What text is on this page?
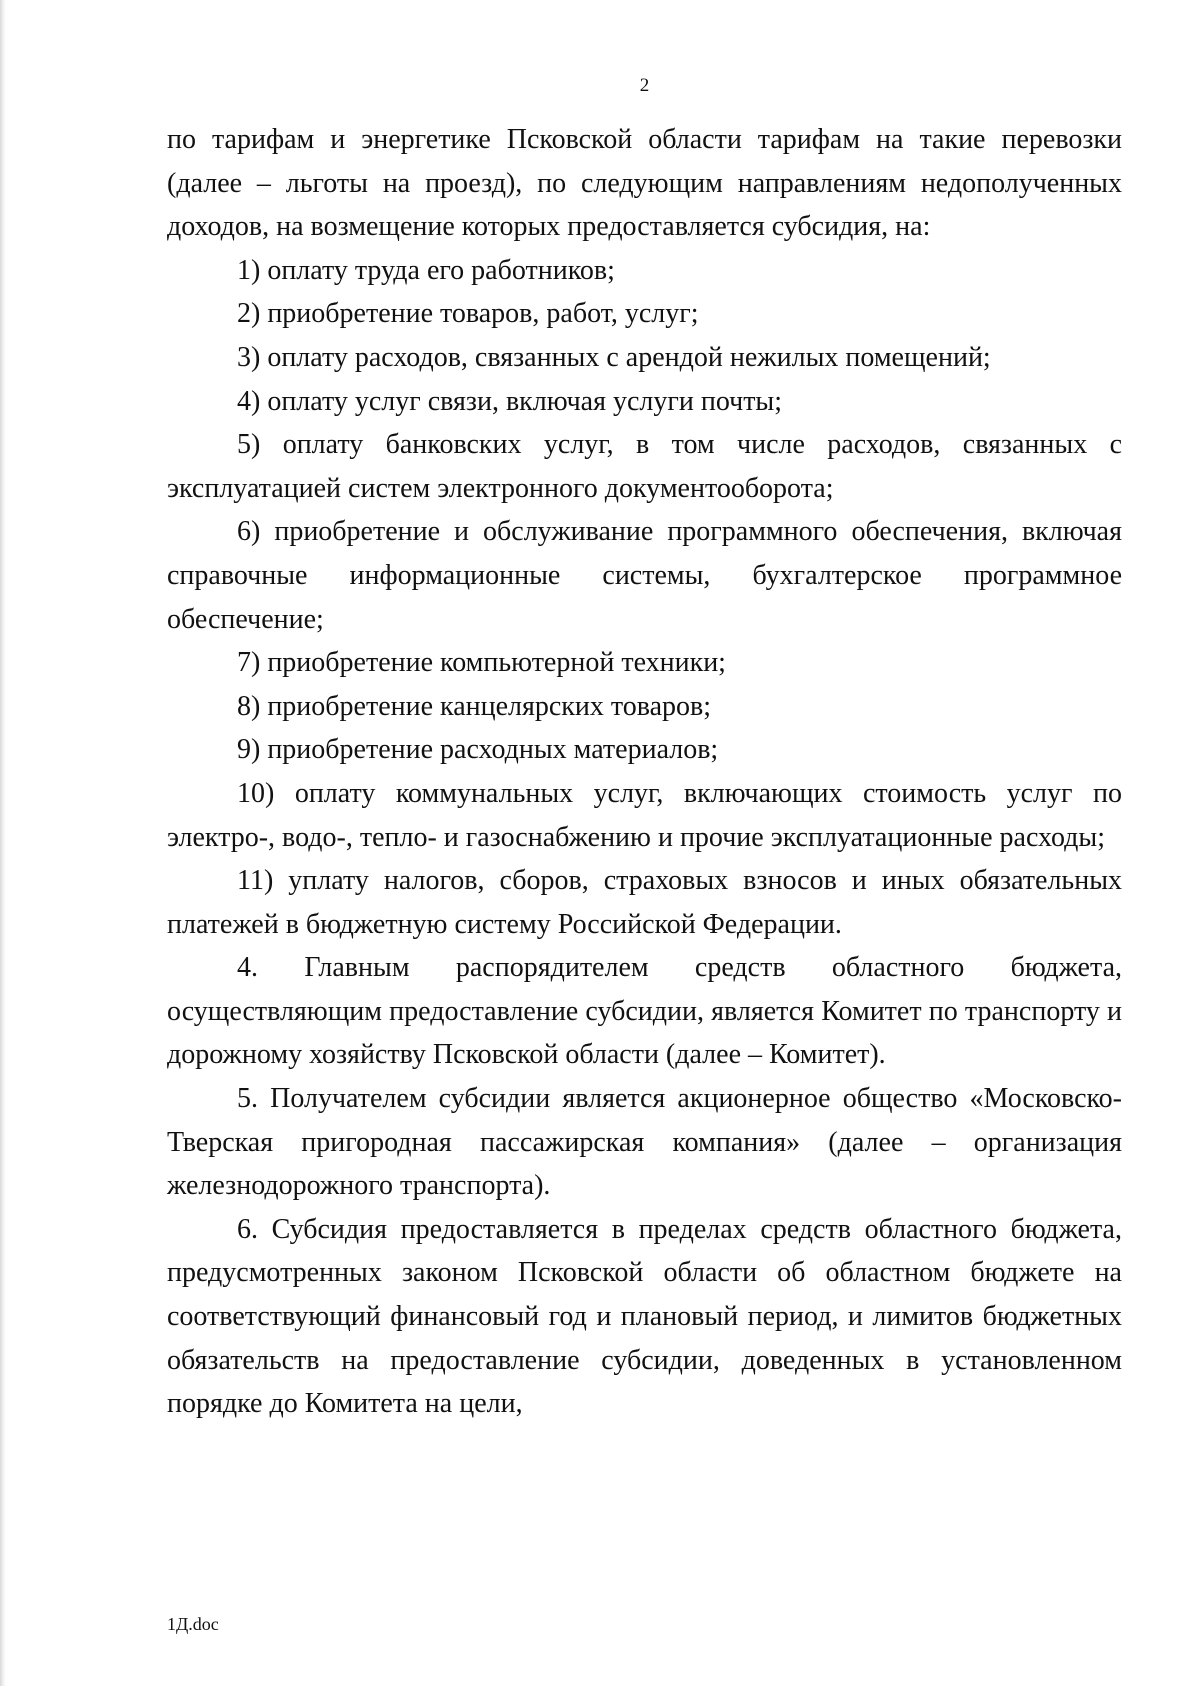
2

по тарифам и энергетике Псковской области тарифам на такие перевозки (далее – льготы на проезд), по следующим направлениям недополученных доходов, на возмещение которых предоставляется субсидия, на:

1) оплату труда его работников;

2) приобретение товаров, работ, услуг;

3) оплату расходов, связанных с арендой нежилых помещений;

4) оплату услуг связи, включая услуги почты;

5) оплату банковских услуг, в том числе расходов, связанных с эксплуатацией систем электронного документооборота;

6) приобретение и обслуживание программного обеспечения, включая справочные информационные системы, бухгалтерское программное обеспечение;

7) приобретение компьютерной техники;

8) приобретение канцелярских товаров;

9) приобретение расходных материалов;

10) оплату коммунальных услуг, включающих стоимость услуг по электро-, водо-, тепло- и газоснабжению и прочие эксплуатационные расходы;

11) уплату налогов, сборов, страховых взносов и иных обязательных платежей в бюджетную систему Российской Федерации.

4. Главным распорядителем средств областного бюджета, осуществляющим предоставление субсидии, является Комитет по транспорту и дорожному хозяйству Псковской области (далее – Комитет).

5. Получателем субсидии является акционерное общество «Московско-Тверская пригородная пассажирская компания» (далее – организация железнодорожного транспорта).

6. Субсидия предоставляется в пределах средств областного бюджета, предусмотренных законом Псковской области об областном бюджете на соответствующий финансовый год и плановый период, и лимитов бюджетных обязательств на предоставление субсидии, доведенных в установленном порядке до Комитета на цели,

1Д.doc
